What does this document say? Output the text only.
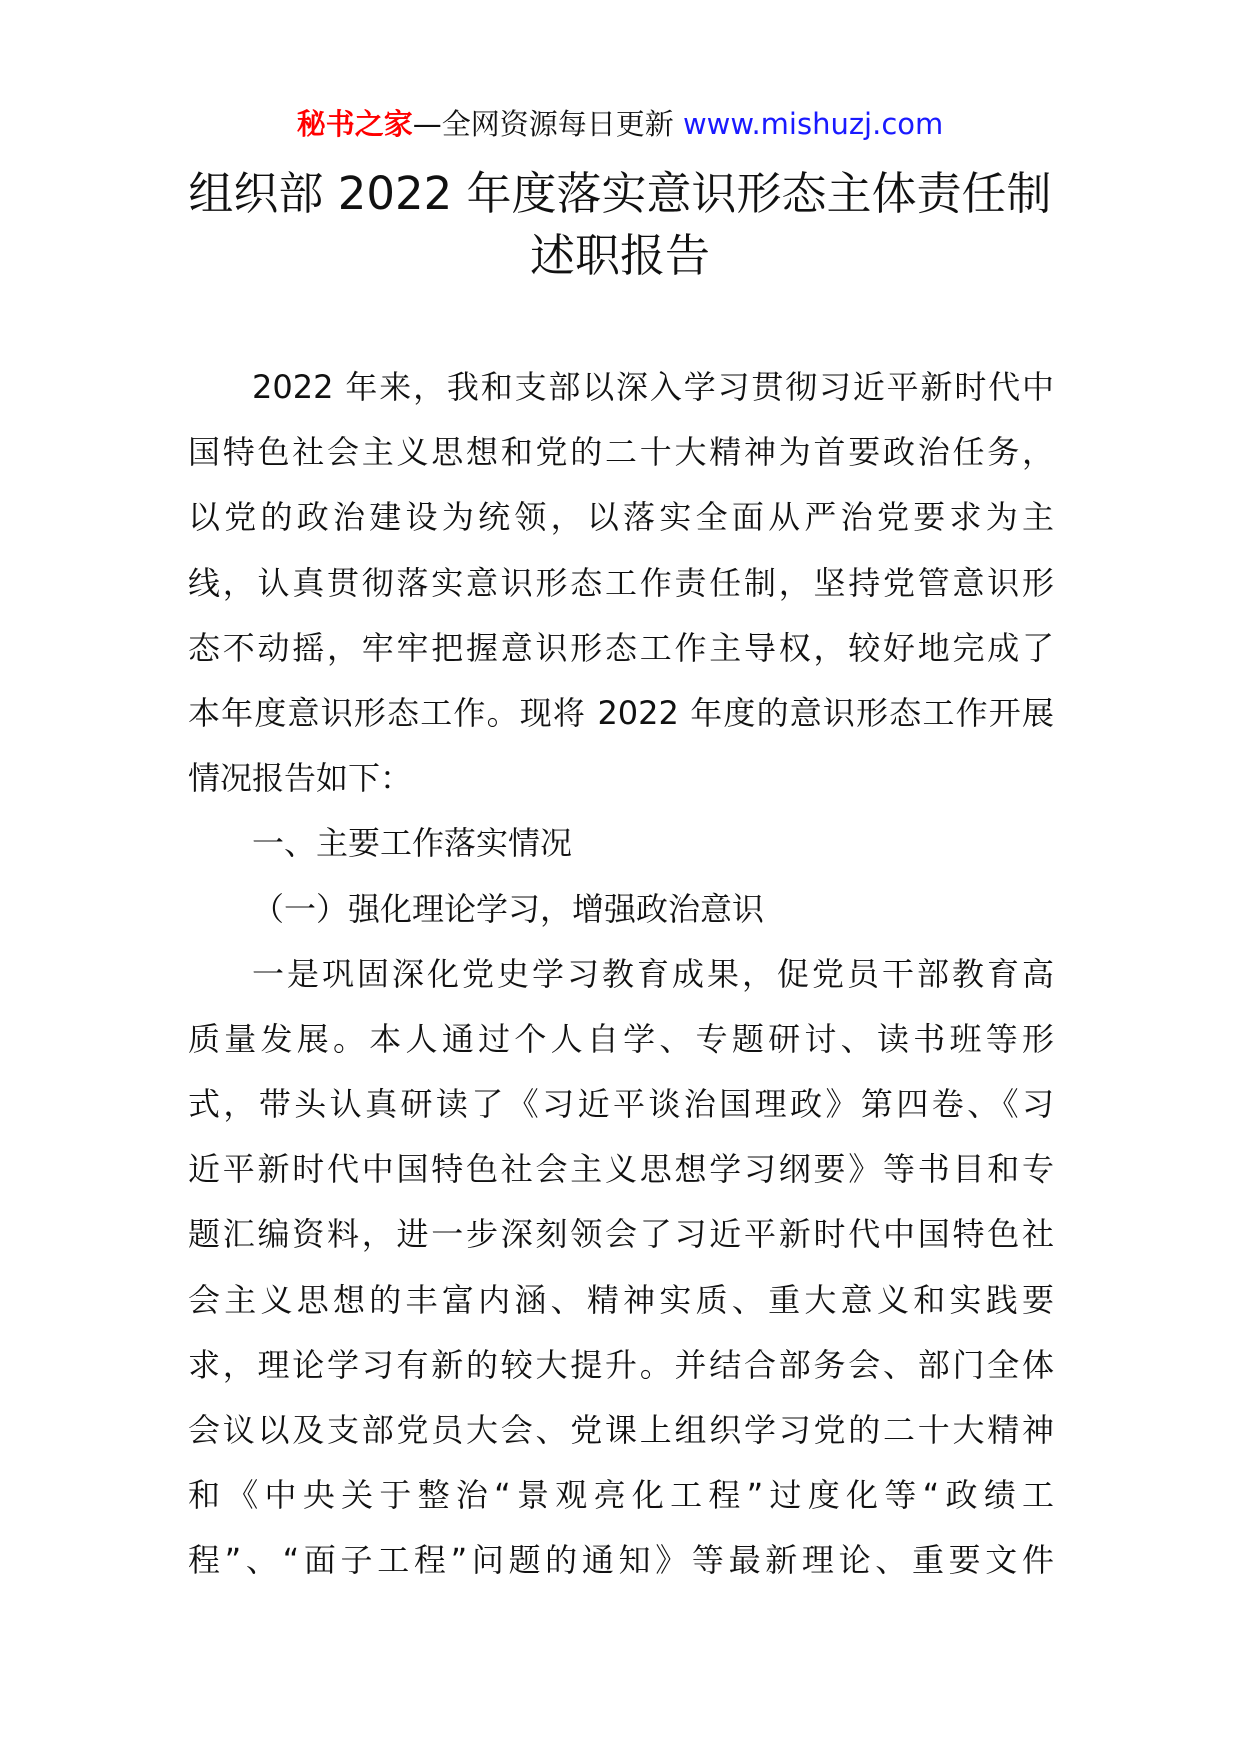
秘书之家—全网资源每日更新 www.mishuzj.com
组织部 2022 年度落实意识形态主体责任制
述职报告
2022 年来，我和支部以深入学习贯彻习近平新时代中
国特色社会主义思想和党的二十大精神为首要政治任务，
以党的政治建设为统领，以落实全面从严治党要求为主
线，认真贯彻落实意识形态工作责任制，坚持党管意识形
态不动摇，牢牢把握意识形态工作主导权，较好地完成了
本年度意识形态工作。现将 2022 年度的意识形态工作开展
情况报告如下：
一、主要工作落实情况
（一）强化理论学习，增强政治意识
一是巩固深化党史学习教育成果，促党员干部教育高
质量发展。本人通过个人自学、专题研讨、读书班等形
式，带头认真研读了《习近平谈治国理政》第四卷、《习
近平新时代中国特色社会主义思想学习纲要》等书目和专
题汇编资料，进一步深刻领会了习近平新时代中国特色社
会主义思想的丰富内涵、精神实质、重大意义和实践要
求，理论学习有新的较大提升。并结合部务会、部门全体
会议以及支部党员大会、党课上组织学习党的二十大精神
和《中央关于整治“景观亮化工程”过度化等“政绩工
程”、“面子工程”问题的通知》等最新理论、重要文件
